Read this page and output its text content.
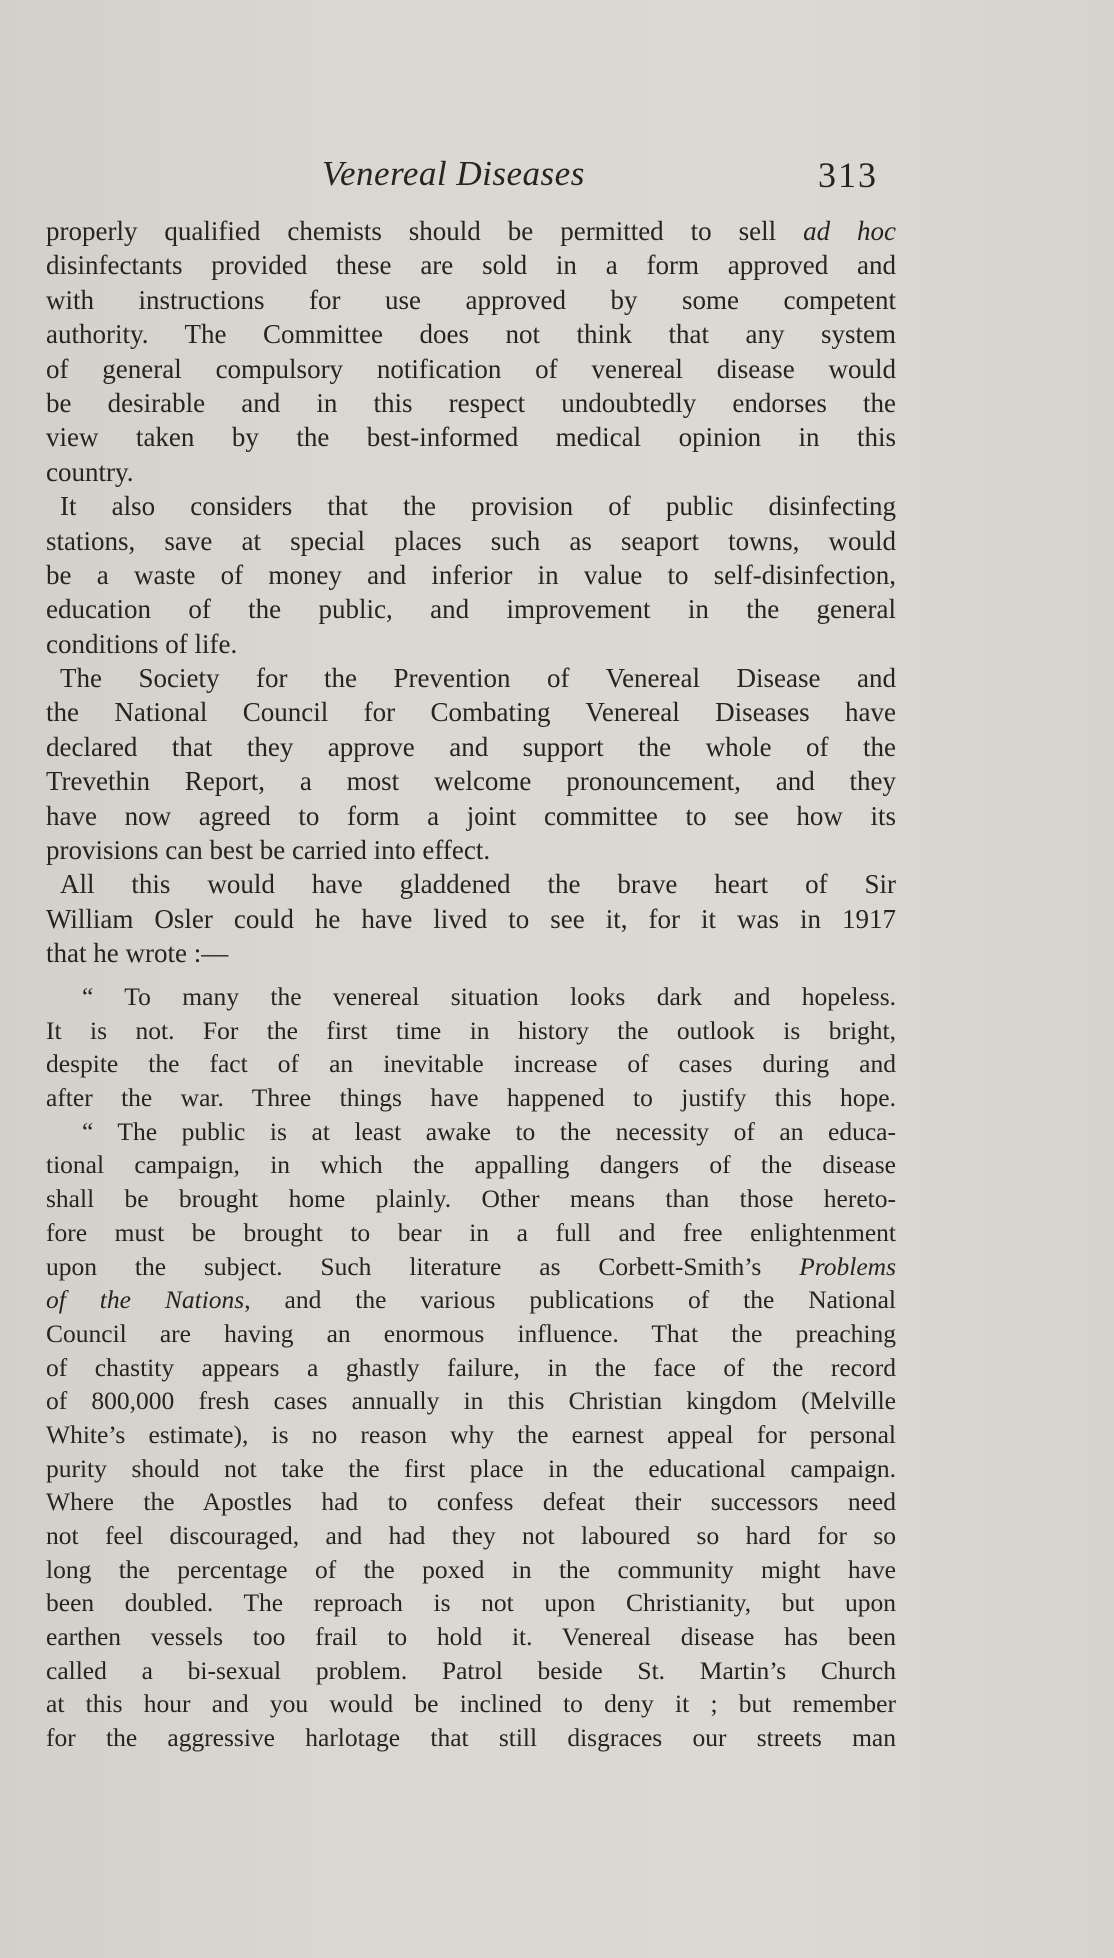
Venereal Diseases	313
properly qualified chemists should be permitted to sell ad hoc
disinfectants provided these are sold in a form approved and
with instructions for use approved by some competent
authority. The Committee does not think that any system
of general compulsory notification of venereal disease would
be desirable and in this respect undoubtedly endorses the
view taken by the best-informed medical opinion in this
country.
It also considers that the provision of public disinfecting
stations, save at special places such as seaport towns, would
be a waste of money and inferior in value to self-disinfection,
education of the public, and improvement in the general
conditions of life.
The Society for the Prevention of Venereal Disease and
the National Council for Combating Venereal Diseases have
declared that they approve and support the whole of the
Trevethin Report, a most welcome pronouncement, and they
have now agreed to form a joint committee to see how its
provisions can best be carried into effect.
All this would have gladdened the brave heart of Sir
William Osler could he have lived to see it, for it was in 1917
that he wrote :—
“ To many the venereal situation looks dark and hopeless.
It is not. For the first time in history the outlook is bright,
despite the fact of an inevitable increase of cases during and
after the war. Three things have happened to justify this hope.
“ The public is at least awake to the necessity of an educa-
tional campaign, in which the appalling dangers of the disease
shall be brought home plainly. Other means than those hereto-
fore must be brought to bear in a full and free enlightenment
upon the subject. Such literature as Corbett-Smith’s Problems
of the Nations, and the various publications of the National
Council are having an enormous influence. That the preaching
of chastity appears a ghastly failure, in the face of the record
of 800,000 fresh cases annually in this Christian kingdom (Melville
White’s estimate), is no reason why the earnest appeal for personal
purity should not take the first place in the educational campaign.
Where the Apostles had to confess defeat their successors need
not feel discouraged, and had they not laboured so hard for so
long the percentage of the poxed in the community might have
been doubled. The reproach is not upon Christianity, but upon
earthen vessels too frail to hold it. Venereal disease has been
called a bi-sexual problem. Patrol beside St. Martin’s Church
at this hour and you would be inclined to deny it ; but remember
for the aggressive harlotage that still disgraces our streets man
